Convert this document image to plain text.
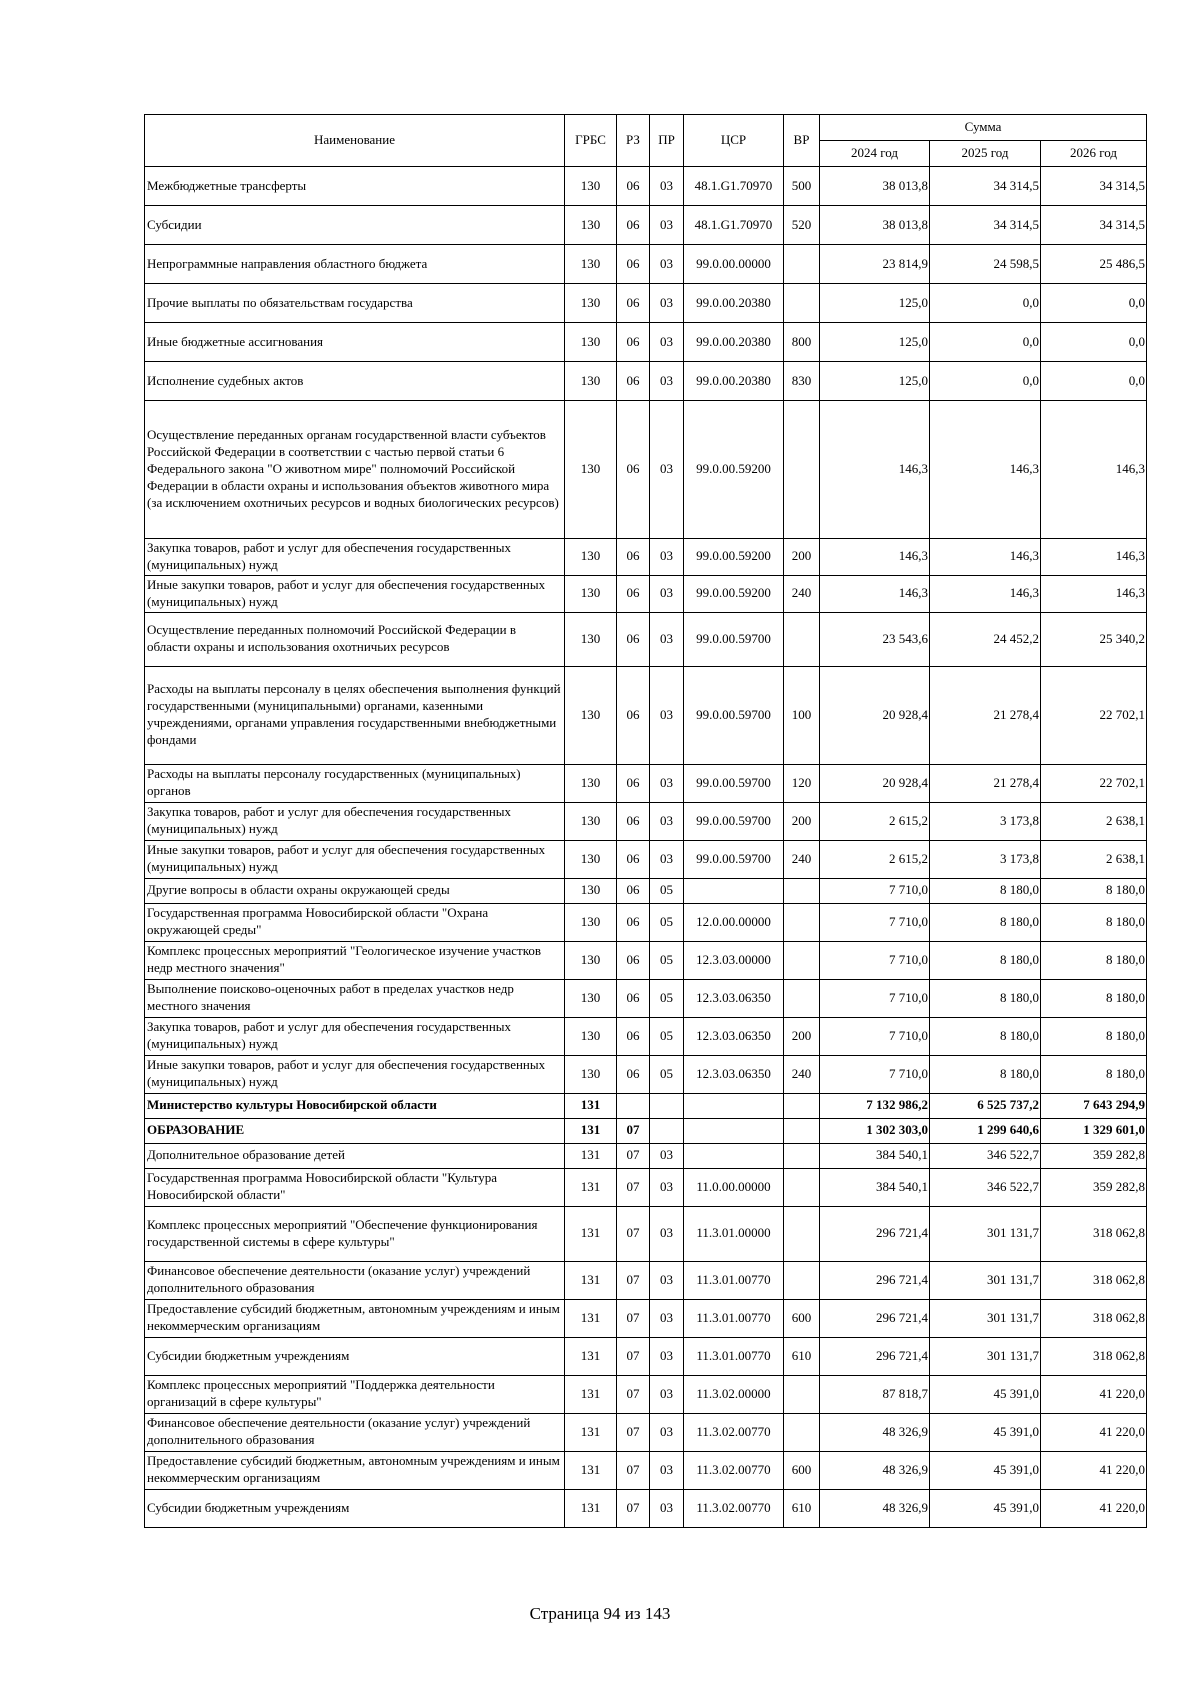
Наименование	ГРБС	РЗ	ПР	ЦСР	ВР	Сумма		
						2024 год	2025 год	2026 год
Межбюджетные трансферты	130	06	03	48.1.G1.70970	500	38 013,8	34 314,5	34 314,5
Субсидии	130	06	03	48.1.G1.70970	520	38 013,8	34 314,5	34 314,5
Непрограммные направления областного бюджета	130	06	03	99.0.00.00000		23 814,9	24 598,5	25 486,5
Прочие выплаты по обязательствам государства	130	06	03	99.0.00.20380		125,0	0,0	0,0
Иные бюджетные ассигнования	130	06	03	99.0.00.20380	800	125,0	0,0	0,0
Исполнение судебных актов	130	06	03	99.0.00.20380	830	125,0	0,0	0,0
Осуществление переданных органам государственной власти субъектов Российской Федерации в соответствии с частью первой статьи 6 Федерального закона "О животном мире" полномочий Российской Федерации в области охраны и использования объектов животного мира (за исключением охотничьих ресурсов и водных биологических ресурсов)	130	06	03	99.0.00.59200		146,3	146,3	146,3
Закупка товаров, работ и услуг для обеспечения государственных (муниципальных) нужд	130	06	03	99.0.00.59200	200	146,3	146,3	146,3
Иные закупки товаров, работ и услуг для обеспечения государственных (муниципальных) нужд	130	06	03	99.0.00.59200	240	146,3	146,3	146,3
Осуществление переданных полномочий Российской Федерации в области охраны и использования охотничьих ресурсов	130	06	03	99.0.00.59700		23 543,6	24 452,2	25 340,2
Расходы на выплаты персоналу в целях обеспечения выполнения функций государственными (муниципальными) органами, казенными учреждениями, органами управления государственными внебюджетными фондами	130	06	03	99.0.00.59700	100	20 928,4	21 278,4	22 702,1
Расходы на выплаты персоналу государственных (муниципальных) органов	130	06	03	99.0.00.59700	120	20 928,4	21 278,4	22 702,1
Закупка товаров, работ и услуг для обеспечения государственных (муниципальных) нужд	130	06	03	99.0.00.59700	200	2 615,2	3 173,8	2 638,1
Иные закупки товаров, работ и услуг для обеспечения государственных (муниципальных) нужд	130	06	03	99.0.00.59700	240	2 615,2	3 173,8	2 638,1
Другие вопросы в области охраны окружающей среды	130	06	05			7 710,0	8 180,0	8 180,0
Государственная программа Новосибирской области "Охрана окружающей среды"	130	06	05	12.0.00.00000		7 710,0	8 180,0	8 180,0
Комплекс процессных мероприятий "Геологическое изучение участков недр местного значения"	130	06	05	12.3.03.00000		7 710,0	8 180,0	8 180,0
Выполнение поисково-оценочных работ в пределах участков недр местного значения	130	06	05	12.3.03.06350		7 710,0	8 180,0	8 180,0
Закупка товаров, работ и услуг для обеспечения государственных (муниципальных) нужд	130	06	05	12.3.03.06350	200	7 710,0	8 180,0	8 180,0
Иные закупки товаров, работ и услуг для обеспечения государственных (муниципальных) нужд	130	06	05	12.3.03.06350	240	7 710,0	8 180,0	8 180,0
Министерство культуры Новосибирской области	131					7 132 986,2	6 525 737,2	7 643 294,9
ОБРАЗОВАНИЕ	131	07				1 302 303,0	1 299 640,6	1 329 601,0
Дополнительное образование детей	131	07	03			384 540,1	346 522,7	359 282,8
Государственная программа Новосибирской области "Культура Новосибирской области"	131	07	03	11.0.00.00000		384 540,1	346 522,7	359 282,8
Комплекс процессных мероприятий "Обеспечение функционирования государственной системы в сфере культуры"	131	07	03	11.3.01.00000		296 721,4	301 131,7	318 062,8
Финансовое обеспечение деятельности (оказание услуг) учреждений дополнительного образования	131	07	03	11.3.01.00770		296 721,4	301 131,7	318 062,8
Предоставление субсидий бюджетным, автономным учреждениям и иным некоммерческим организациям	131	07	03	11.3.01.00770	600	296 721,4	301 131,7	318 062,8
Субсидии бюджетным учреждениям	131	07	03	11.3.01.00770	610	296 721,4	301 131,7	318 062,8
Комплекс процессных мероприятий "Поддержка деятельности организаций в сфере культуры"	131	07	03	11.3.02.00000		87 818,7	45 391,0	41 220,0
Финансовое обеспечение деятельности (оказание услуг) учреждений дополнительного образования	131	07	03	11.3.02.00770		48 326,9	45 391,0	41 220,0
Предоставление субсидий бюджетным, автономным учреждениям и иным некоммерческим организациям	131	07	03	11.3.02.00770	600	48 326,9	45 391,0	41 220,0
Субсидии бюджетным учреждениям	131	07	03	11.3.02.00770	610	48 326,9	45 391,0	41 220,0
Страница 94 из 143
